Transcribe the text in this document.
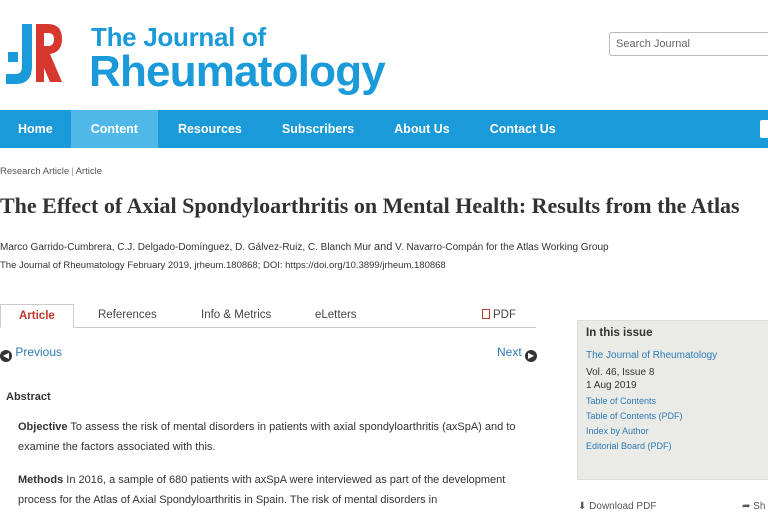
The Journal of
Rheumatology
Search Journal
Home	Content	Resources	Subscribers	About Us	Contact Us
Research Article | Article
The Effect of Axial Spondyloarthritis on Mental Health: Results from the Atlas
Marco Garrido-Cumbrera, C.J. Delgado-Domínguez, D. Gálvez-Ruiz, C. Blanch Mur and V. Navarro-Compán for the Atlas Working Group
The Journal of Rheumatology February 2019, jrheum.180868; DOI: https://doi.org/10.3899/jrheum.180868
Article	References	Info & Metrics	eLetters	PDF
◀ Previous	Next ▶
Abstract
Objective To assess the risk of mental disorders in patients with axial spondyloarthritis (axSpA) and to examine the factors associated with this.
Methods In 2016, a sample of 680 patients with axSpA were interviewed as part of the development process for the Atlas of Axial Spondyloarthritis in Spain. The risk of mental disorders in
In this issue
The Journal of Rheumatology
Vol. 46, Issue 8
1 Aug 2019
Table of Contents
Table of Contents (PDF)
Index by Author
Editorial Board (PDF)
⬇ Download PDF	➦ Sh
